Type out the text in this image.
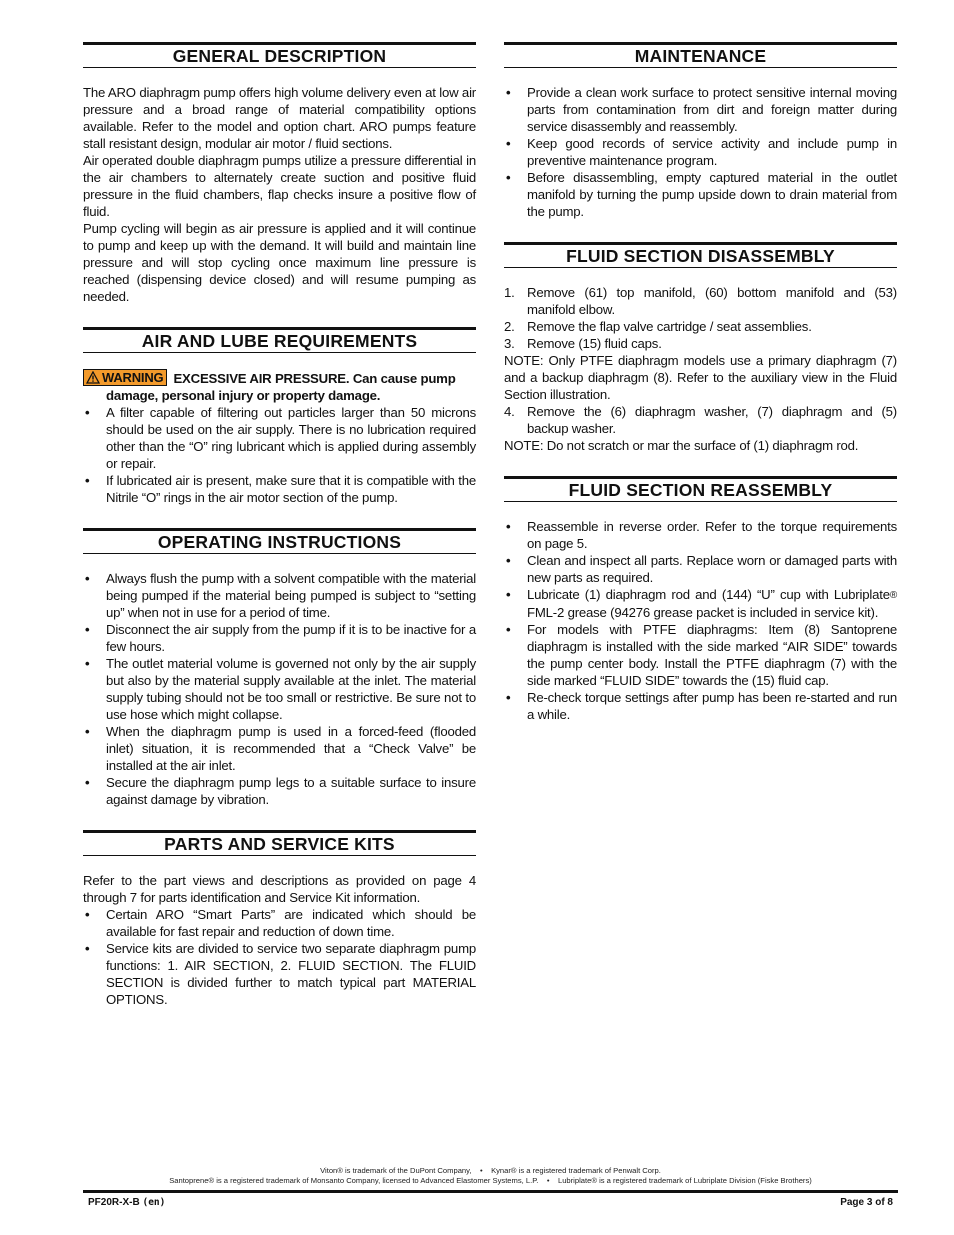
GENERAL DESCRIPTION

The ARO diaphragm pump offers high volume delivery even at low air pressure and a broad range of material compatibility options available. Refer to the model and option chart. ARO pumps feature stall resistant design, modular air motor / fluid sections.

Air operated double diaphragm pumps utilize a pressure differential in the air chambers to alternately create suction and positive fluid pressure in the fluid chambers, flap checks insure a positive flow of fluid.

Pump cycling will begin as air pressure is applied and it will continue to pump and keep up with the demand. It will build and maintain line pressure and will stop cycling once maximum line pressure is reached (dispensing device closed) and will resume pumping as needed.

AIR AND LUBE REQUIREMENTS
WARNING EXCESSIVE AIR PRESSURE. Can cause pump
damage, personal injury or property damage.
• A filter capable of filtering out particles larger than 50 microns should be used on the air supply. There is no lubrication required other than the “O” ring lubricant which is applied during assembly or repair.
• If lubricated air is present, make sure that it is compatible with the Nitrile “O” rings in the air motor section of the pump.
OPERATING INSTRUCTIONS
• Always flush the pump with a solvent compatible with the material being pumped if the material being pumped is subject to “setting up” when not in use for a period of time.
• Disconnect the air supply from the pump if it is to be inactive for a few hours.
• The outlet material volume is governed not only by the air supply but also by the material supply available at the inlet. The material supply tubing should not be too small or restrictive. Be sure not to use hose which might collapse.
• When the diaphragm pump is used in a forced-feed (flooded inlet) situation, it is recommended that a “Check Valve” be installed at the air inlet.
• Secure the diaphragm pump legs to a suitable surface to insure against damage by vibration.
PARTS AND SERVICE KITS

Refer to the part views and descriptions as provided on page 4 through 7 for parts identification and Service Kit information.

• Certain ARO “Smart Parts” are indicated which should be available for fast repair and reduction of down time.
• Service kits are divided to service two separate diaphragm pump functions: 1. AIR SECTION, 2. FLUID SECTION. The FLUID SECTION is divided further to match typical part MATERIAL OPTIONS.
MAINTENANCE
• Provide a clean work surface to protect sensitive internal moving parts from contamination from dirt and foreign matter during service disassembly and reassembly.
• Keep good records of service activity and include pump in preventive maintenance program.
• Before disassembling, empty captured material in the outlet manifold by turning the pump upside down to drain material from the pump.
FLUID SECTION DISASSEMBLY
1. Remove (61) top manifold, (60) bottom manifold and (53) manifold elbow.
2. Remove the flap valve cartridge / seat assemblies.
3. Remove (15) fluid caps.

NOTE: Only PTFE diaphragm models use a primary diaphragm (7) and a backup diaphragm (8). Refer to the auxiliary view in the Fluid Section illustration.

4. Remove the (6) diaphragm washer, (7) diaphragm and (5) backup washer.

NOTE: Do not scratch or mar the surface of (1) diaphragm rod.

FLUID SECTION REASSEMBLY
• Reassemble in reverse order. Refer to the torque requirements on page 5.
• Clean and inspect all parts. Replace worn or damaged parts with new parts as required.
• Lubricate (1) diaphragm rod and (144) “U” cup with Lubriplate® FML-2 grease (94276 grease packet is included in service kit).
• For models with PTFE diaphragms: Item (8) Santoprene diaphragm is installed with the side marked “AIR SIDE” towards the pump center body. Install the PTFE diaphragm (7) with the side marked “FLUID SIDE” towards the (15) fluid cap.
• Re-check torque settings after pump has been re-started and run a while.
Viton® is trademark of the DuPont Company, • Kynar® is a registered trademark of Penwalt Corp.
Santoprene® is a registered trademark of Monsanto Company, licensed to Advanced Elastomer Systems, L.P. • Lubriplate® is a registered trademark of Lubriplate Division (Fiske Brothers)
PF20R-X-B (en)	Page 3 of 8
